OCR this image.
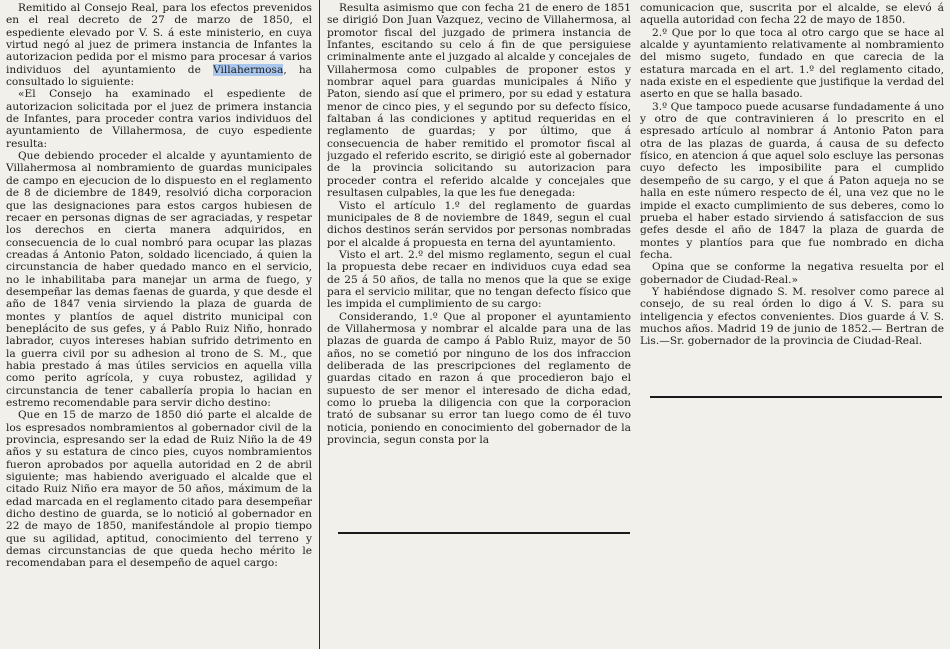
Remitido al Consejo Real, para los efectos prevenidos en el real decreto de 27 de marzo de 1850, el espediente elevado por V. S. á este ministerio, en cuya virtud negó al juez de primera instancia de Infantes la autorizacion pedida por el mismo para procesar á varios individuos del ayuntamiento de Villahermosa, ha consultado lo siguiente:

«El Consejo ha examinado el espediente de autorizacion solicitada por el juez de primera instancia de Infantes, para proceder contra varios individuos del ayuntamiento de Villahermosa, de cuyo espediente resulta:

Que debiendo proceder el alcalde y ayuntamiento de Villahermosa al nombramiento de guardas municipales de campo en ejecucion de lo dispuesto en el reglamento de 8 de diciembre de 1849, resolvió dicha corporacion que las designaciones para estos cargos hubiesen de recaer en personas dignas de ser agraciadas, y respetar los derechos en cierta manera adquiridos, en consecuencia de lo cual nombró para ocupar las plazas creadas á Antonio Paton, soldado licenciado, á quien la circunstancia de haber quedado manco en el servicio, no le inhabilitaba para manejar un arma de fuego, y desempeñar las demas faenas de guarda, y que desde el año de 1847 venia sirviendo la plaza de guarda de montes y plantíos de aquel distrito municipal con beneplácito de sus gefes, y á Pablo Ruiz Niño, honrado labrador, cuyos intereses habian sufrido detrimento en la guerra civil por su adhesion al trono de S. M., que habia prestado á mas útiles servicios en aquella villa como perito agrícola, y cuya robustez, agilidad y circunstancia de tener caballería propia lo hacian en estremo recomendable para servir dicho destino:

Que en 15 de marzo de 1850 dió parte el alcalde de los espresados nombramientos al gobernador civil de la provincia, espresando ser la edad de Ruiz Niño la de 49 años y su estatura de cinco pies, cuyos nombramientos fueron aprobados por aquella autoridad en 2 de abril siguiente; mas habiendo averiguado el alcalde que el citado Ruiz Niño era mayor de 50 años, máximum de la edad marcada en el reglamento citado para desempeñar dicho destino de guarda, se lo notició al gobernador en 22 de mayo de 1850, manifestándole al propio tiempo que su agilidad, aptitud, conocimiento del terreno y demas circunstancias de que queda hecho mérito le recomendaban para el desempeño de aquel cargo:

Resulta asimismo que con fecha 21 de enero de 1851 se dirigió Don Juan Vazquez, vecino de Villahermosa, al promotor fiscal del juzgado de primera instancia de Infantes, escitando su celo á fin de que persiguiese criminalmente ante el juzgado al alcalde y concejales de Villahermosa como culpables de proponer estos y nombrar aquel para guardas municipales á Niño y Paton, siendo así que el primero, por su edad y estatura menor de cinco pies, y el segundo por su defecto físico, faltaban á las condiciones y aptitud requeridas en el reglamento de guardas; y por último, que á consecuencia de haber remitido el promotor fiscal al juzgado el referido escrito, se dirigió este al gobernador de la provincia solicitando su autorizacion para proceder contra el referido alcalde y concejales que resultasen culpables, la que les fue denegada:

Visto el artículo 1.º del reglamento de guardas municipales de 8 de noviembre de 1849, segun el cual dichos destinos serán servidos por personas nombradas por el alcalde á propuesta en terna del ayuntamiento.

Visto el art. 2.º del mismo reglamento, segun el cual la propuesta debe recaer en individuos cuya edad sea de 25 á 50 años, de talla no menos que la que se exige para el servicio militar, que no tengan defecto físico que les impida el cumplimiento de su cargo:

Considerando, 1.º Que al proponer el ayuntamiento de Villahermosa y nombrar el alcalde para una de las plazas de guarda de campo á Pablo Ruiz, mayor de 50 años, no se cometió por ninguno de los dos infraccion deliberada de las prescripciones del reglamento de guardas citado en razon á que procedieron bajo el supuesto de ser menor el interesado de dicha edad, como lo prueba la diligencia con que la corporacion trató de subsanar su error tan luego como de él tuvo noticia, poniendo en conocimiento del gobernador de la provincia, segun consta por la

comunicacion que, suscrita por el alcalde, se elevó á aquella autoridad con fecha 22 de mayo de 1850.

2.º Que por lo que toca al otro cargo que se hace al alcalde y ayuntamiento relativamente al nombramiento del mismo sugeto, fundado en que carecia de la estatura marcada en el art. 1.º del reglamento citado, nada existe en el espediente que justifique la verdad del aserto en que se halla basado.

3.º Que tampoco puede acusarse fundadamente á uno y otro de que contravinieren á lo prescrito en el espresado artículo al nombrar á Antonio Paton para otra de las plazas de guarda, á causa de su defecto físico, en atencion á que aquel solo escluye las personas cuyo defecto les imposibilite para el cumplido desempeño de su cargo, y el que á Paton aqueja no se halla en este número respecto de él, una vez que no le impide el exacto cumplimiento de sus deberes, como lo prueba el haber estado sirviendo á satisfaccion de sus gefes desde el año de 1847 la plaza de guarda de montes y plantíos para que fue nombrado en dicha fecha.

Opina que se conforme la negativa resuelta por el gobernador de Ciudad-Real.»

Y habiéndose dignado S. M. resolver como parece al consejo, de su real órden lo digo á V. S. para su inteligencia y efectos convenientes. Dios guarde á V. S. muchos años. Madrid 19 de junio de 1852.— Bertran de Lis.—Sr. gobernador de la provincia de Ciudad-Real.
